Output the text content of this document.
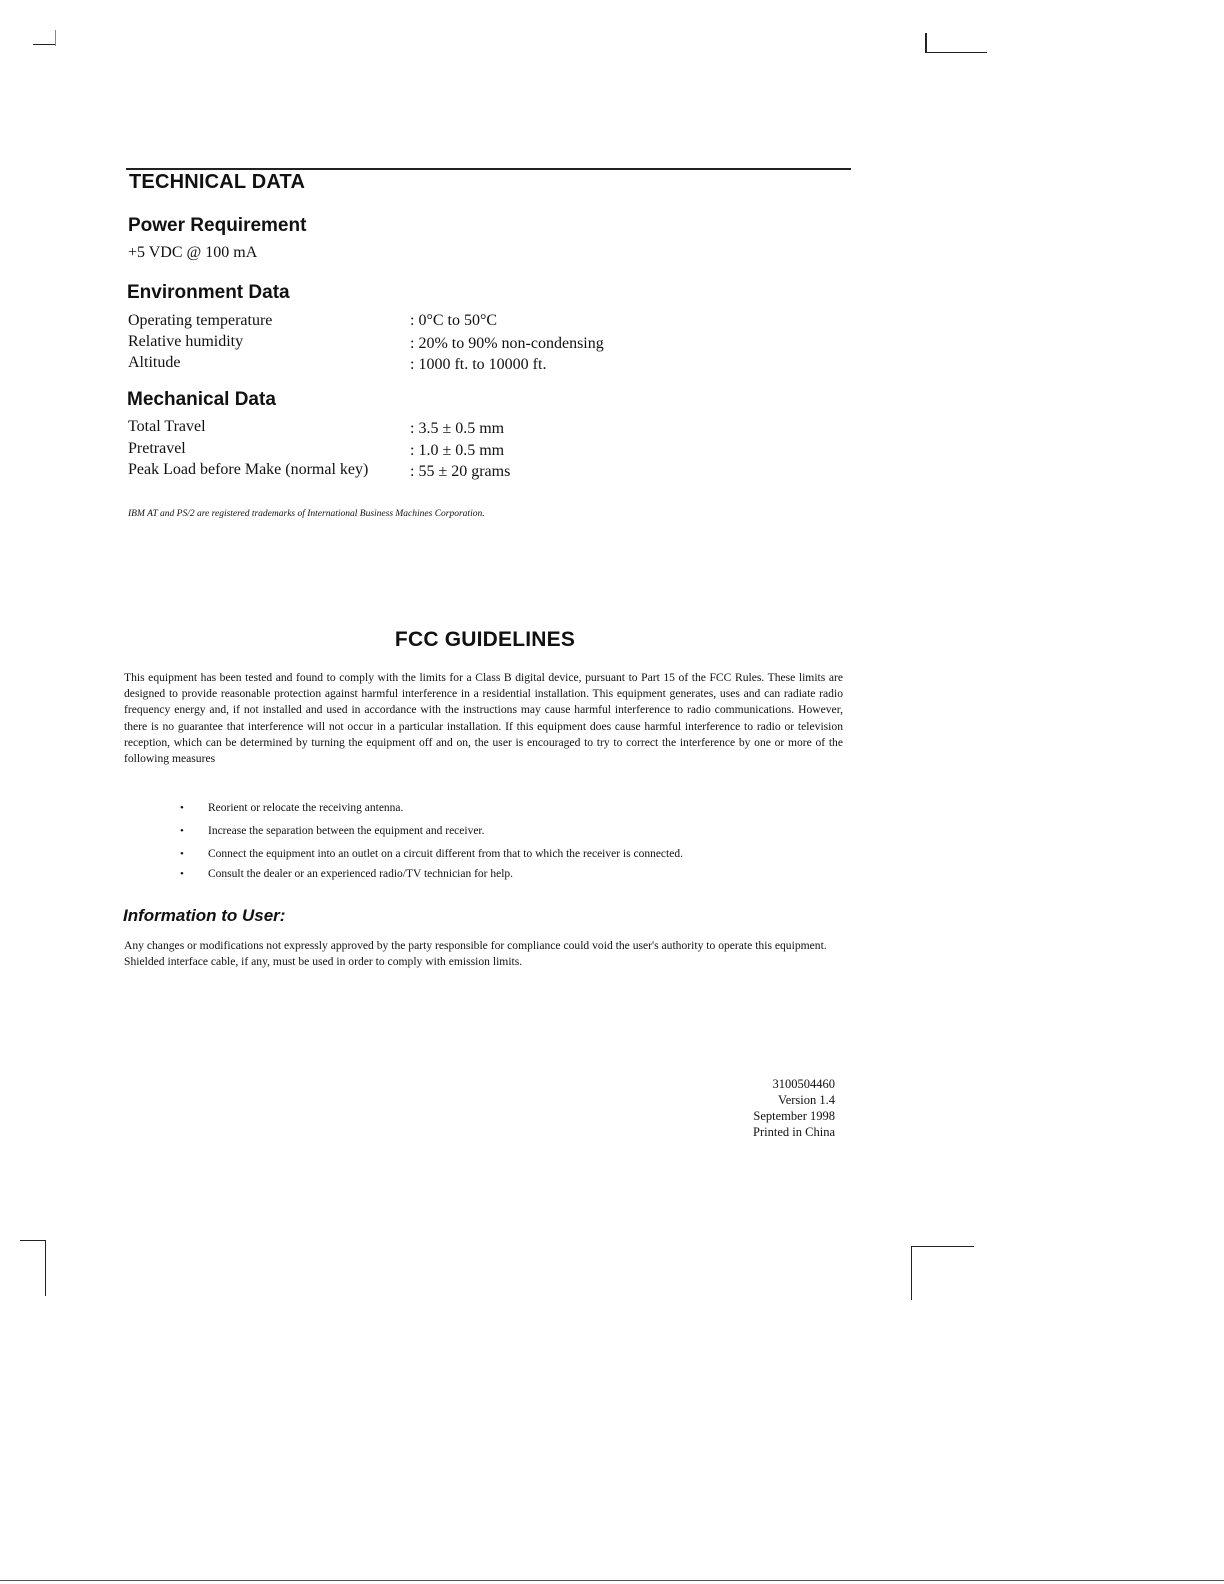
TECHNICAL DATA
Power Requirement
+5 VDC @ 100 mA
Environment Data
Operating temperature	: 0°C to 50°C
Relative humidity	: 20% to 90% non-condensing
Altitude	: 1000 ft. to 10000 ft.
Mechanical Data
Total Travel	: 3.5 ± 0.5 mm
Pretravel	: 1.0 ± 0.5 mm
Peak Load before Make (normal key)	: 55 ± 20 grams
IBM AT and PS/2 are registered trademarks of International Business Machines Corporation.
FCC GUIDELINES
This equipment has been tested and found to comply with the limits for a Class B digital device, pursuant to Part 15 of the FCC Rules. These limits are designed to provide reasonable protection against harmful interference in a residential installation. This equipment generates, uses and can radiate radio frequency energy and, if not installed and used in accordance with the instructions may cause harmful interference to radio communications. However, there is no guarantee that interference will not occur in a particular installation. If this equipment does cause harmful interference to radio or television reception, which can be determined by turning the equipment off and on, the user is encouraged to try to correct the interference by one or more of the following measures
• Reorient or relocate the receiving antenna.
• Increase the separation between the equipment and receiver.
• Connect the equipment into an outlet on a circuit different from that to which the receiver is connected.
• Consult the dealer or an experienced radio/TV technician for help.
Information to User:
Any changes or modifications not expressly approved by the party responsible for compliance could void the user's authority to operate this equipment. Shielded interface cable, if any, must be used in order to comply with emission limits.
3100504460
Version 1.4
September 1998
Printed in China
